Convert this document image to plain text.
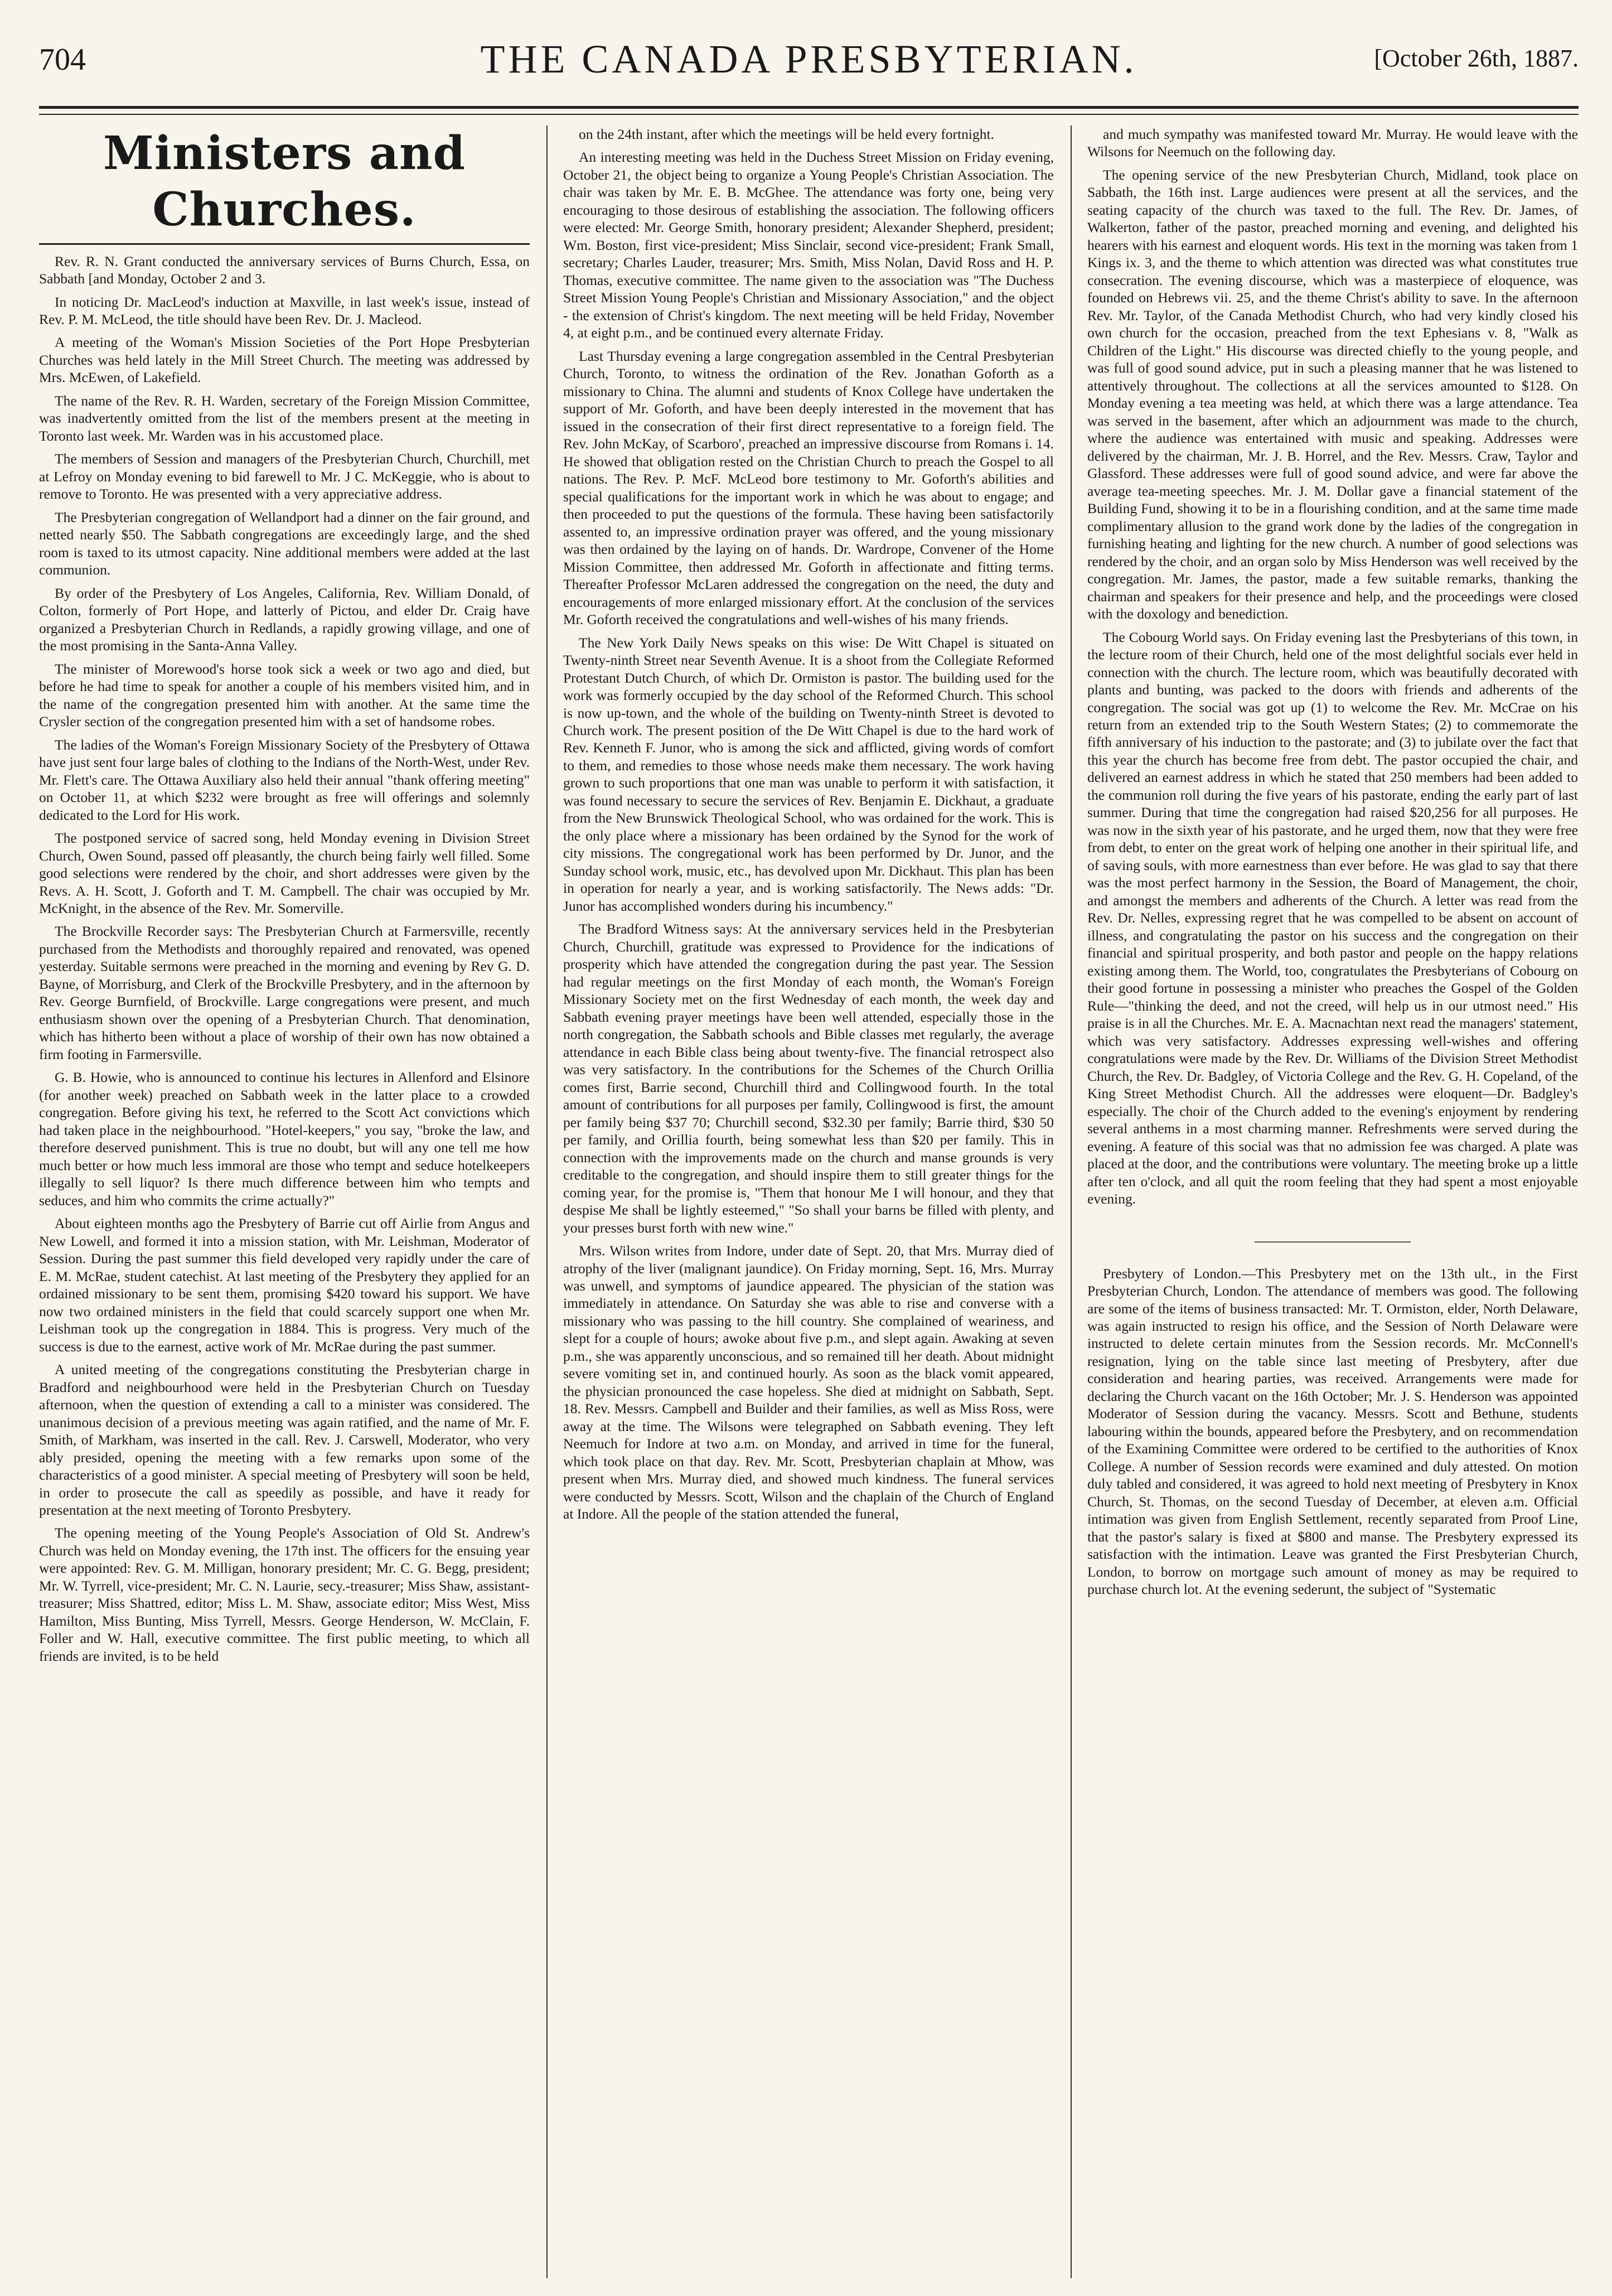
704	THE CANADA PRESBYTERIAN.	[October 26th, 1887.
Ministers and Churches.

Rev. R. N. Grant conducted the anniversary services of Burns Church, Essa, on Sabbath [and Monday, October 2 and 3.

In noticing Dr. MacLeod's induction at Maxville, in last week's issue, instead of Rev. P. M. McLeod, the title should have been Rev. Dr. J. Macleod.

A meeting of the Woman's Mission Societies of the Port Hope Presbyterian Churches was held lately in the Mill Street Church. The meeting was addressed by Mrs. McEwen, of Lakefield.

The name of the Rev. R. H. Warden, secretary of the Foreign Mission Committee, was inadvertently omitted from the list of the members present at the meeting in Toronto last week. Mr. Warden was in his accustomed place.

The members of Session and managers of the Presbyterian Church, Churchill, met at Lefroy on Monday evening to bid farewell to Mr. J C. McKeggie, who is about to remove to Toronto. He was presented with a very appreciative address.

The Presbyterian congregation of Wellandport had a dinner on the fair ground, and netted nearly $50. The Sabbath congregations are exceedingly large, and the shed room is taxed to its utmost capacity. Nine additional members were added at the last communion.

By order of the Presbytery of Los Angeles, California, Rev. William Donald, of Colton, formerly of Port Hope, and latterly of Pictou, and elder Dr. Craig have organized a Presbyterian Church in Redlands, a rapidly growing village, and one of the most promising in the Santa-Anna Valley.

The minister of Morewood's horse took sick a week or two ago and died, but before he had time to speak for another a couple of his members visited him, and in the name of the congregation presented him with another. At the same time the Crysler section of the congregation presented him with a set of handsome robes.

The ladies of the Woman's Foreign Missionary Society of the Presbytery of Ottawa have just sent four large bales of clothing to the Indians of the North-West, under Rev. Mr. Flett's care. The Ottawa Auxiliary also held their annual "thank offering meeting" on October 11, at which $232 were brought as free will offerings and solemnly dedicated to the Lord for His work.

The postponed service of sacred song, held Monday evening in Division Street Church, Owen Sound, passed off pleasantly, the church being fairly well filled. Some good selections were rendered by the choir, and short addresses were given by the Revs. A. H. Scott, J. Goforth and T. M. Campbell. The chair was occupied by Mr. McKnight, in the absence of the Rev. Mr. Somerville.

The Brockville Recorder says: The Presbyterian Church at Farmersville, recently purchased from the Methodists and thoroughly repaired and renovated, was opened yesterday. Suitable sermons were preached in the morning and evening by Rev G. D. Bayne, of Morrisburg, and Clerk of the Brockville Presbytery, and in the afternoon by Rev. George Burnfield, of Brockville. Large congregations were present, and much enthusiasm shown over the opening of a Presbyterian Church. That denomination, which has hitherto been without a place of worship of their own has now obtained a firm footing in Farmersville.

G. B. Howie, who is announced to continue his lectures in Allenford and Elsinore (for another week) preached on Sabbath week in the latter place to a crowded congregation. Before giving his text, he referred to the Scott Act convictions which had taken place in the neighbourhood. "Hotel-keepers," you say, "broke the law, and therefore deserved punishment. This is true no doubt, but will any one tell me how much better or how much less immoral are those who tempt and seduce hotelkeepers illegally to sell liquor? Is there much difference between him who tempts and seduces, and him who commits the crime actually?"

About eighteen months ago the Presbytery of Barrie cut off Airlie from Angus and New Lowell, and formed it into a mission station, with Mr. Leishman, Moderator of Session. During the past summer this field developed very rapidly under the care of E. M. McRae, student catechist. At last meeting of the Presbytery they applied for an ordained missionary to be sent them, promising $420 toward his support. We have now two ordained ministers in the field that could scarcely support one when Mr. Leishman took up the congregation in 1884. This is progress. Very much of the success is due to the earnest, active work of Mr. McRae during the past summer.

A united meeting of the congregations constituting the Presbyterian charge in Bradford and neighbourhood were held in the Presbyterian Church on Tuesday afternoon, when the question of extending a call to a minister was considered. The unanimous decision of a previous meeting was again ratified, and the name of Mr. F. Smith, of Markham, was inserted in the call. Rev. J. Carswell, Moderator, who very ably presided, opening the meeting with a few remarks upon some of the characteristics of a good minister. A special meeting of Presbytery will soon be held, in order to prosecute the call as speedily as possible, and have it ready for presentation at the next meeting of Toronto Presbytery.

The opening meeting of the Young People's Association of Old St. Andrew's Church was held on Monday evening, the 17th inst. The officers for the ensuing year were appointed: Rev. G. M. Milligan, honorary president; Mr. C. G. Begg, president; Mr. W. Tyrrell, vice-president; Mr. C. N. Laurie, secy.-treasurer; Miss Shaw, assistant-treasurer; Miss Shattred, editor; Miss L. M. Shaw, associate editor; Miss West, Miss Hamilton, Miss Bunting, Miss Tyrrell, Messrs. George Henderson, W. McClain, F. Foller and W. Hall, executive committee. The first public meeting, to which all friends are invited, is to be held

on the 24th instant, after which the meetings will be held every fortnight.

An interesting meeting was held in the Duchess Street Mission on Friday evening, October 21, the object being to organize a Young People's Christian Association. The chair was taken by Mr. E. B. McGhee. The attendance was forty one, being very encouraging to those desirous of establishing the association. The following officers were elected: Mr. George Smith, honorary president; Alexander Shepherd, president; Wm. Boston, first vice-president; Miss Sinclair, second vice-president; Frank Small, secretary; Charles Lauder, treasurer; Mrs. Smith, Miss Nolan, David Ross and H. P. Thomas, executive committee. The name given to the association was "The Duchess Street Mission Young People's Christian and Missionary Association," and the object - the extension of Christ's kingdom. The next meeting will be held Friday, November 4, at eight p.m., and be continued every alternate Friday.

Last Thursday evening a large congregation assembled in the Central Presbyterian Church, Toronto, to witness the ordination of the Rev. Jonathan Goforth as a missionary to China. The alumni and students of Knox College have undertaken the support of Mr. Goforth, and have been deeply interested in the movement that has issued in the consecration of their first direct representative to a foreign field. The Rev. John McKay, of Scarboro', preached an impressive discourse from Romans i. 14. He showed that obligation rested on the Christian Church to preach the Gospel to all nations. The Rev. P. McF. McLeod bore testimony to Mr. Goforth's abilities and special qualifications for the important work in which he was about to engage; and then proceeded to put the questions of the formula. These having been satisfactorily assented to, an impressive ordination prayer was offered, and the young missionary was then ordained by the laying on of hands. Dr. Wardrope, Convener of the Home Mission Committee, then addressed Mr. Goforth in affectionate and fitting terms. Thereafter Professor McLaren addressed the congregation on the need, the duty and encouragements of more enlarged missionary effort. At the conclusion of the services Mr. Goforth received the congratulations and well-wishes of his many friends.

The New York Daily News speaks on this wise: De Witt Chapel is situated on Twenty-ninth Street near Seventh Avenue. It is a shoot from the Collegiate Reformed Protestant Dutch Church, of which Dr. Ormiston is pastor. The building used for the work was formerly occupied by the day school of the Reformed Church. This school is now up-town, and the whole of the building on Twenty-ninth Street is devoted to Church work. The present position of the De Witt Chapel is due to the hard work of Rev. Kenneth F. Junor, who is among the sick and afflicted, giving words of comfort to them, and remedies to those whose needs make them necessary. The work having grown to such proportions that one man was unable to perform it with satisfaction, it was found necessary to secure the services of Rev. Benjamin E. Dickhaut, a graduate from the New Brunswick Theological School, who was ordained for the work. This is the only place where a missionary has been ordained by the Synod for the work of city missions. The congregational work has been performed by Dr. Junor, and the Sunday school work, music, etc., has devolved upon Mr. Dickhaut. This plan has been in operation for nearly a year, and is working satisfactorily. The News adds: "Dr. Junor has accomplished wonders during his incumbency."

The Bradford Witness says: At the anniversary services held in the Presbyterian Church, Churchill, gratitude was expressed to Providence for the indications of prosperity which have attended the congregation during the past year. The Session had regular meetings on the first Monday of each month, the Woman's Foreign Missionary Society met on the first Wednesday of each month, the week day and Sabbath evening prayer meetings have been well attended, especially those in the north congregation, the Sabbath schools and Bible classes met regularly, the average attendance in each Bible class being about twenty-five. The financial retrospect also was very satisfactory. In the contributions for the Schemes of the Church Orillia comes first, Barrie second, Churchill third and Collingwood fourth. In the total amount of contributions for all purposes per family, Collingwood is first, the amount per family being $37 70; Churchill second, $32.30 per family; Barrie third, $30 50 per family, and Orillia fourth, being somewhat less than $20 per family. This in connection with the improvements made on the church and manse grounds is very creditable to the congregation, and should inspire them to still greater things for the coming year, for the promise is, "Them that honour Me I will honour, and they that despise Me shall be lightly esteemed," "So shall your barns be filled with plenty, and your presses burst forth with new wine."

Mrs. Wilson writes from Indore, under date of Sept. 20, that Mrs. Murray died of atrophy of the liver (malignant jaundice). On Friday morning, Sept. 16, Mrs. Murray was unwell, and symptoms of jaundice appeared. The physician of the station was immediately in attendance. On Saturday she was able to rise and converse with a missionary who was passing to the hill country. She complained of weariness, and slept for a couple of hours; awoke about five p.m., and slept again. Awaking at seven p.m., she was apparently unconscious, and so remained till her death. About midnight severe vomiting set in, and continued hourly. As soon as the black vomit appeared, the physician pronounced the case hopeless. She died at midnight on Sabbath, Sept. 18. Rev. Messrs. Campbell and Builder and their families, as well as Miss Ross, were away at the time. The Wilsons were telegraphed on Sabbath evening. They left Neemuch for Indore at two a.m. on Monday, and arrived in time for the funeral, which took place on that day. Rev. Mr. Scott, Presbyterian chaplain at Mhow, was present when Mrs. Murray died, and showed much kindness. The funeral services were conducted by Messrs. Scott, Wilson and the chaplain of the Church of England at Indore. All the people of the station attended the funeral,

and much sympathy was manifested toward Mr. Murray. He would leave with the Wilsons for Neemuch on the following day.

The opening service of the new Presbyterian Church, Midland, took place on Sabbath, the 16th inst. Large audiences were present at all the services, and the seating capacity of the church was taxed to the full. The Rev. Dr. James, of Walkerton, father of the pastor, preached morning and evening, and delighted his hearers with his earnest and eloquent words. His text in the morning was taken from 1 Kings ix. 3, and the theme to which attention was directed was what constitutes true consecration. The evening discourse, which was a masterpiece of eloquence, was founded on Hebrews vii. 25, and the theme Christ's ability to save. In the afternoon Rev. Mr. Taylor, of the Canada Methodist Church, who had very kindly closed his own church for the occasion, preached from the text Ephesians v. 8, "Walk as Children of the Light." His discourse was directed chiefly to the young people, and was full of good sound advice, put in such a pleasing manner that he was listened to attentively throughout. The collections at all the services amounted to $128. On Monday evening a tea meeting was held, at which there was a large attendance. Tea was served in the basement, after which an adjournment was made to the church, where the audience was entertained with music and speaking. Addresses were delivered by the chairman, Mr. J. B. Horrel, and the Rev. Messrs. Craw, Taylor and Glassford. These addresses were full of good sound advice, and were far above the average tea-meeting speeches. Mr. J. M. Dollar gave a financial statement of the Building Fund, showing it to be in a flourishing condition, and at the same time made complimentary allusion to the grand work done by the ladies of the congregation in furnishing heating and lighting for the new church. A number of good selections was rendered by the choir, and an organ solo by Miss Henderson was well received by the congregation. Mr. James, the pastor, made a few suitable remarks, thanking the chairman and speakers for their presence and help, and the proceedings were closed with the doxology and benediction.

The Cobourg World says. On Friday evening last the Presbyterians of this town, in the lecture room of their Church, held one of the most delightful socials ever held in connection with the church. The lecture room, which was beautifully decorated with plants and bunting, was packed to the doors with friends and adherents of the congregation. The social was got up (1) to welcome the Rev. Mr. McCrae on his return from an extended trip to the South Western States; (2) to commemorate the fifth anniversary of his induction to the pastorate; and (3) to jubilate over the fact that this year the church has become free from debt. The pastor occupied the chair, and delivered an earnest address in which he stated that 250 members had been added to the communion roll during the five years of his pastorate, ending the early part of last summer. During that time the congregation had raised $20,256 for all purposes. He was now in the sixth year of his pastorate, and he urged them, now that they were free from debt, to enter on the great work of helping one another in their spiritual life, and of saving souls, with more earnestness than ever before. He was glad to say that there was the most perfect harmony in the Session, the Board of Management, the choir, and amongst the members and adherents of the Church. A letter was read from the Rev. Dr. Nelles, expressing regret that he was compelled to be absent on account of illness, and congratulating the pastor on his success and the congregation on their financial and spiritual prosperity, and both pastor and people on the happy relations existing among them. The World, too, congratulates the Presbyterians of Cobourg on their good fortune in possessing a minister who preaches the Gospel of the Golden Rule—"thinking the deed, and not the creed, will help us in our utmost need." His praise is in all the Churches. Mr. E. A. Macnachtan next read the managers' statement, which was very satisfactory. Addresses expressing well-wishes and offering congratulations were made by the Rev. Dr. Williams of the Division Street Methodist Church, the Rev. Dr. Badgley, of Victoria College and the Rev. G. H. Copeland, of the King Street Methodist Church. All the addresses were eloquent—Dr. Badgley's especially. The choir of the Church added to the evening's enjoyment by rendering several anthems in a most charming manner. Refreshments were served during the evening. A feature of this social was that no admission fee was charged. A plate was placed at the door, and the contributions were voluntary. The meeting broke up a little after ten o'clock, and all quit the room feeling that they had spent a most enjoyable evening.

Presbytery of London.—This Presbytery met on the 13th ult., in the First Presbyterian Church, London. The attendance of members was good. The following are some of the items of business transacted: Mr. T. Ormiston, elder, North Delaware, was again instructed to resign his office, and the Session of North Delaware were instructed to delete certain minutes from the Session records. Mr. McConnell's resignation, lying on the table since last meeting of Presbytery, after due consideration and hearing parties, was received. Arrangements were made for declaring the Church vacant on the 16th October; Mr. J. S. Henderson was appointed Moderator of Session during the vacancy. Messrs. Scott and Bethune, students labouring within the bounds, appeared before the Presbytery, and on recommendation of the Examining Committee were ordered to be certified to the authorities of Knox College. A number of Session records were examined and duly attested. On motion duly tabled and considered, it was agreed to hold next meeting of Presbytery in Knox Church, St. Thomas, on the second Tuesday of December, at eleven a.m. Official intimation was given from English Settlement, recently separated from Proof Line, that the pastor's salary is fixed at $800 and manse. The Presbytery expressed its satisfaction with the intimation. Leave was granted the First Presbyterian Church, London, to borrow on mortgage such amount of money as may be required to purchase church lot. At the evening sederunt, the subject of "Systematic
